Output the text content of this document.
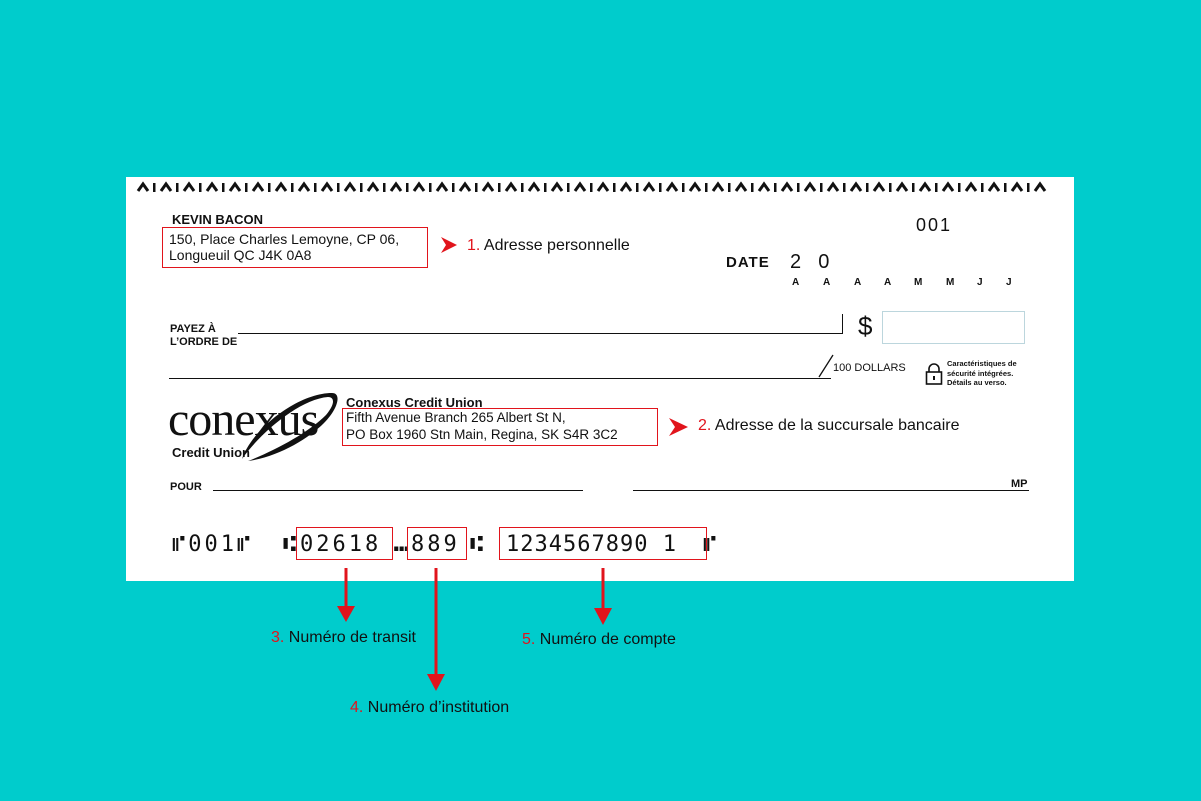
KEVIN BACON
150, Place Charles Lemoyne, CP 06,
Longueuil QC J4K 0A8
001
DATE 2  0
A A A A M M J J
PAYEZ À
L’ORDRE DE
$
100 DOLLARS	Caractéristiques de
sécurité intégrées.
Détails au verso.
conexus
Credit Union
Conexus Credit Union
Fifth Avenue Branch 265 Albert St N,
PO Box 1960 Stn Main, Regina, SK S4R 3C2
POUR	MP
⑈001⑈ ⑆ 02618 ⑉ 889 ⑆ 1234567890 1 ⑈
1. Adresse personnelle
2. Adresse de la succursale bancaire
3. Numéro de transit
4. Numéro d’institution
5. Numéro de compte
